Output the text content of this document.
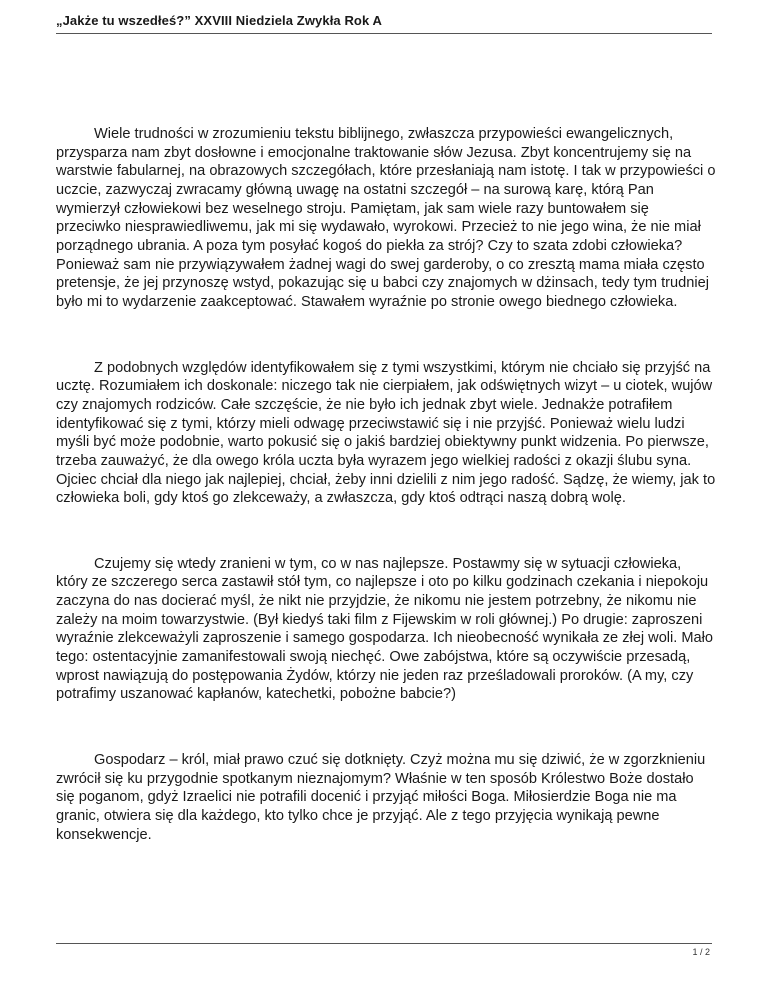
„Jakże tu wszedłeś?” XXVIII Niedziela Zwykła Rok A

Wiele trudności w zrozumieniu tekstu biblijnego, zwłaszcza przypowieści ewangelicznych, przysparza nam zbyt dosłowne i emocjonalne traktowanie słów Jezusa. Zbyt koncentrujemy się na warstwie fabularnej, na obrazowych szczegółach, które przesłaniają nam istotę. I tak w przypowieści o uczcie, zazwyczaj zwracamy główną uwagę na ostatni szczegół – na surową karę, którą Pan wymierzył człowiekowi bez weselnego stroju. Pamiętam, jak sam wiele razy buntowałem się przeciwko niesprawiedliwemu, jak mi się wydawało, wyrokowi. Przecież to nie jego wina, że nie miał porządnego ubrania. A poza tym posyłać kogoś do piekła za strój? Czy to szata zdobi człowieka? Ponieważ sam nie przywiązywałem żadnej wagi do swej garderoby, o co zresztą mama miała często pretensje, że jej przynoszę wstyd, pokazując się u babci czy znajomych w dżinsach, tedy tym trudniej było mi to wydarzenie zaakceptować. Stawałem wyraźnie po stronie owego biednego człowieka.

Z podobnych względów identyfikowałem się z tymi wszystkimi, którym nie chciało się przyjść na ucztę. Rozumiałem ich doskonale: niczego tak nie cierpiałem, jak odświętnych wizyt – u ciotek, wujów czy znajomych rodziców. Całe szczęście, że nie było ich jednak zbyt wiele. Jednakże potrafiłem identyfikować się z tymi, którzy mieli odwagę przeciwstawić się i nie przyjść. Ponieważ wielu ludzi myśli być może podobnie, warto pokusić się o jakiś bardziej obiektywny punkt widzenia. Po pierwsze, trzeba zauważyć, że dla owego króla uczta była wyrazem jego wielkiej radości z okazji ślubu syna. Ojciec chciał dla niego jak najlepiej, chciał, żeby inni dzielili z nim jego radość. Sądzę, że wiemy, jak to człowieka boli, gdy ktoś go zlekceważy, a zwłaszcza, gdy ktoś odtrąci naszą dobrą wolę.

Czujemy się wtedy zranieni w tym, co w nas najlepsze. Postawmy się w sytuacji człowieka, który ze szczerego serca zastawił stół tym, co najlepsze i oto po kilku godzinach czekania i niepokoju zaczyna do nas docierać myśl, że nikt nie przyjdzie, że nikomu nie jestem potrzebny, że nikomu nie zależy na moim towarzystwie. (Był kiedyś taki film z Fijewskim w roli głównej.) Po drugie: zaproszeni wyraźnie zlekceważyli zaproszenie i samego gospodarza. Ich nieobecność wynikała ze złej woli. Mało tego: ostentacyjnie zamanifestowali swoją niechęć. Owe zabójstwa, które są oczywiście przesadą, wprost nawiązują do postępowania Żydów, którzy nie jeden raz prześladowali proroków. (A my, czy potrafimy uszanować kapłanów, katechetki, pobożne babcie?)

Gospodarz – król, miał prawo czuć się dotknięty. Czyż można mu się dziwić, że w zgorzknieniu zwrócił się ku przygodnie spotkanym nieznajomym? Właśnie w ten sposób Królestwo Boże dostało się poganom, gdyż Izraelici nie potrafili docenić i przyjąć miłości Boga. Miłosierdzie Boga nie ma granic, otwiera się dla każdego, kto tylko chce je przyjąć. Ale z tego przyjęcia wynikają pewne konsekwencje.

1 / 2
